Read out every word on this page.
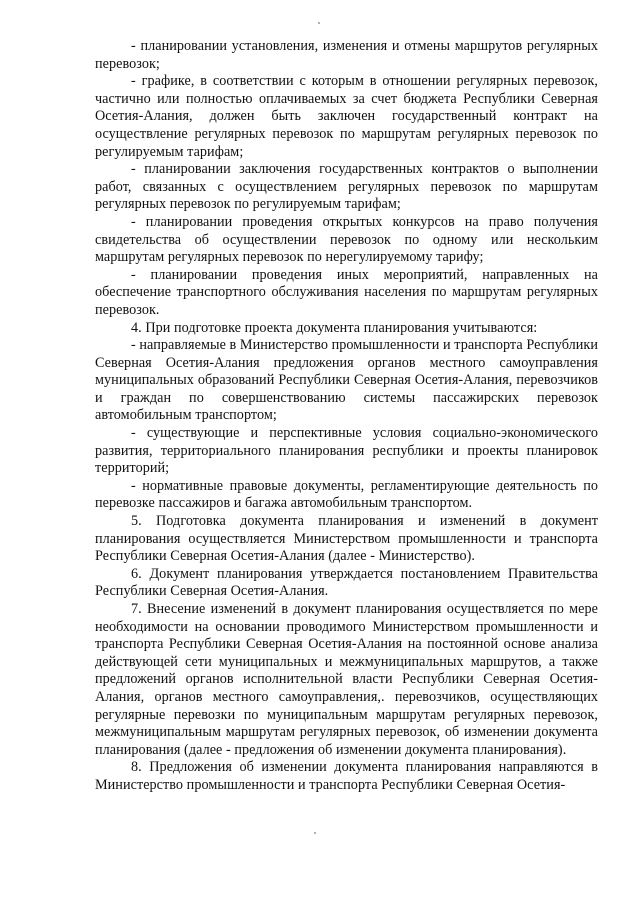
- планировании установления, изменения и отмены маршрутов регулярных перевозок;

- графике, в соответствии с которым в отношении регулярных перевозок, частично или полностью оплачиваемых за счет бюджета Республики Северная Осетия-Алания, должен быть заключен государственный контракт на осуществление регулярных перевозок по маршрутам регулярных перевозок по регулируемым тарифам;

- планировании заключения государственных контрактов о выполнении работ, связанных с осуществлением регулярных перевозок по маршрутам регулярных перевозок по регулируемым тарифам;

- планировании проведения открытых конкурсов на право получения свидетельства об осуществлении перевозок по одному или нескольким маршрутам регулярных перевозок по нерегулируемому тарифу;

- планировании проведения иных мероприятий, направленных на обеспечение транспортного обслуживания населения по маршрутам регулярных перевозок.

4. При подготовке проекта документа планирования учитываются:

- направляемые в Министерство промышленности и транспорта Республики Северная Осетия-Алания предложения органов местного самоуправления муниципальных образований Республики Северная Осетия-Алания, перевозчиков и граждан по совершенствованию системы пассажирских перевозок автомобильным транспортом;

- существующие и перспективные условия социально-экономического развития, территориального планирования республики и проекты планировок территорий;

- нормативные правовые документы, регламентирующие деятельность по перевозке пассажиров и багажа автомобильным транспортом.

5. Подготовка документа планирования и изменений в документ планирования осуществляется Министерством промышленности и транспорта Республики Северная Осетия-Алания (далее - Министерство).

6. Документ планирования утверждается постановлением Правительства Республики Северная Осетия-Алания.

7. Внесение изменений в документ планирования осуществляется по мере необходимости на основании проводимого Министерством промышленности и транспорта Республики Северная Осетия-Алания на постоянной основе анализа действующей сети муниципальных и межмуниципальных маршрутов, а также предложений органов исполнительной власти Республики Северная Осетия-Алания, органов местного самоуправления,. перевозчиков, осуществляющих регулярные перевозки по муниципальным маршрутам регулярных перевозок, межмуниципальным маршрутам регулярных перевозок, об изменении документа планирования (далее - предложения об изменении документа планирования).

8. Предложения об изменении документа планирования направляются в Министерство промышленности и транспорта Республики Северная Осетия-
